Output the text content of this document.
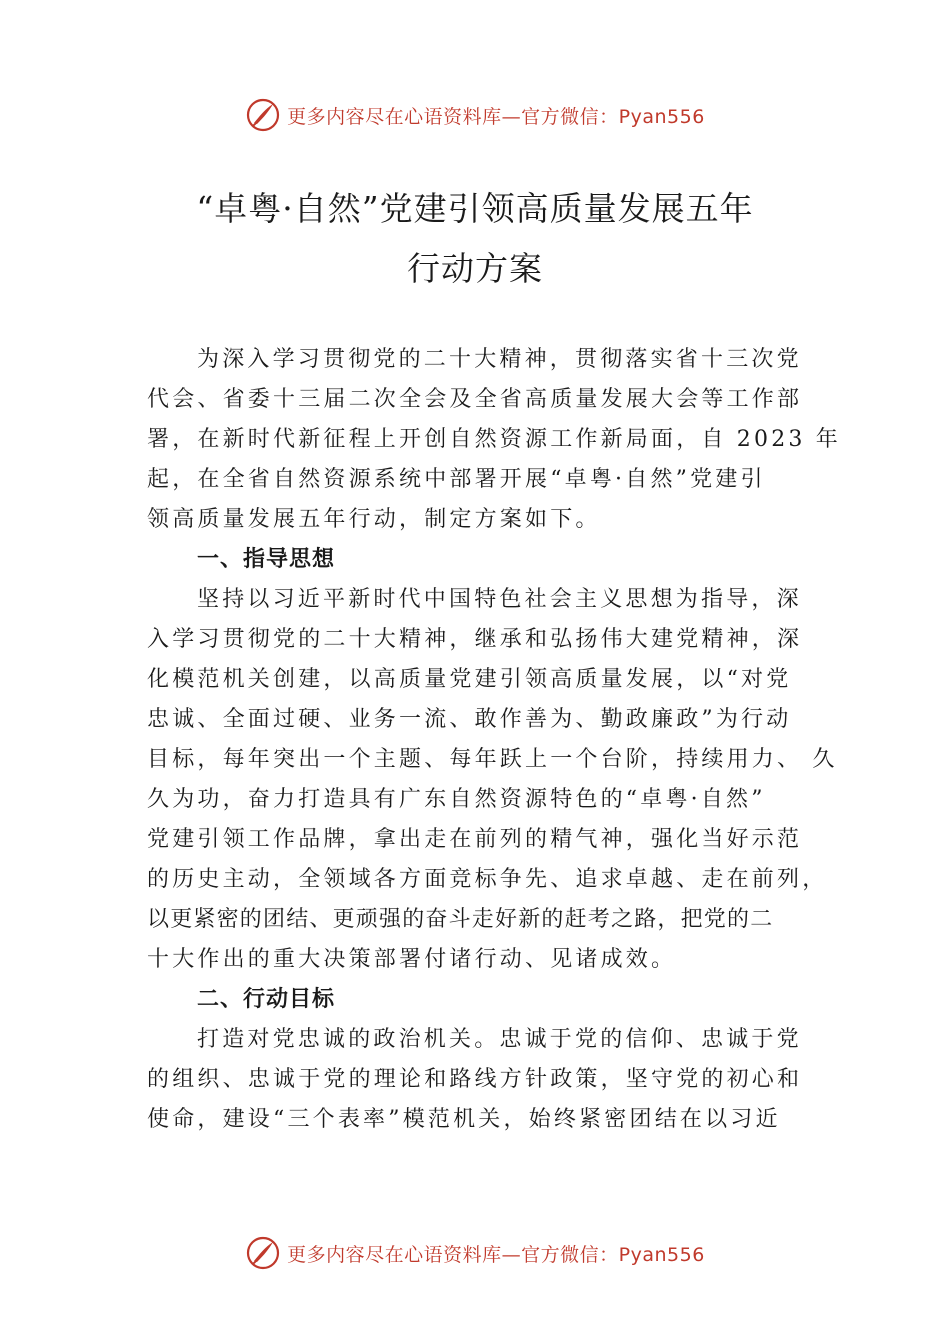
更多内容尽在心语资料库—官方微信：Pyan556
“卓粤·自然”党建引领高质量发展五年
行动方案
为深入学习贯彻党的二十大精神，贯彻落实省十三次党
代会、省委十三届二次全会及全省高质量发展大会等工作部
署，在新时代新征程上开创自然资源工作新局面，自 2023 年
起，在全省自然资源系统中部署开展“卓粤·自然”党建引
领高质量发展五年行动，制定方案如下。
一、指导思想
坚持以习近平新时代中国特色社会主义思想为指导，深
入学习贯彻党的二十大精神，继承和弘扬伟大建党精神，深
化模范机关创建，以高质量党建引领高质量发展，以“对党
忠诚、全面过硬、业务一流、敢作善为、勤政廉政”为行动
目标，每年突出一个主题、每年跃上一个台阶，持续用力、 久
久为功，奋力打造具有广东自然资源特色的“卓粤·自然”
党建引领工作品牌，拿出走在前列的精气神，强化当好示范
的历史主动，全领域各方面竞标争先、追求卓越、走在前列，
以更紧密的团结、更顽强的奋斗走好新的赶考之路，把党的二
十大作出的重大决策部署付诸行动、见诸成效。
二、行动目标
打造对党忠诚的政治机关。忠诚于党的信仰、忠诚于党
的组织、忠诚于党的理论和路线方针政策，坚守党的初心和
使命，建设“三个表率”模范机关，始终紧密团结在以习近
更多内容尽在心语资料库—官方微信：Pyan556
